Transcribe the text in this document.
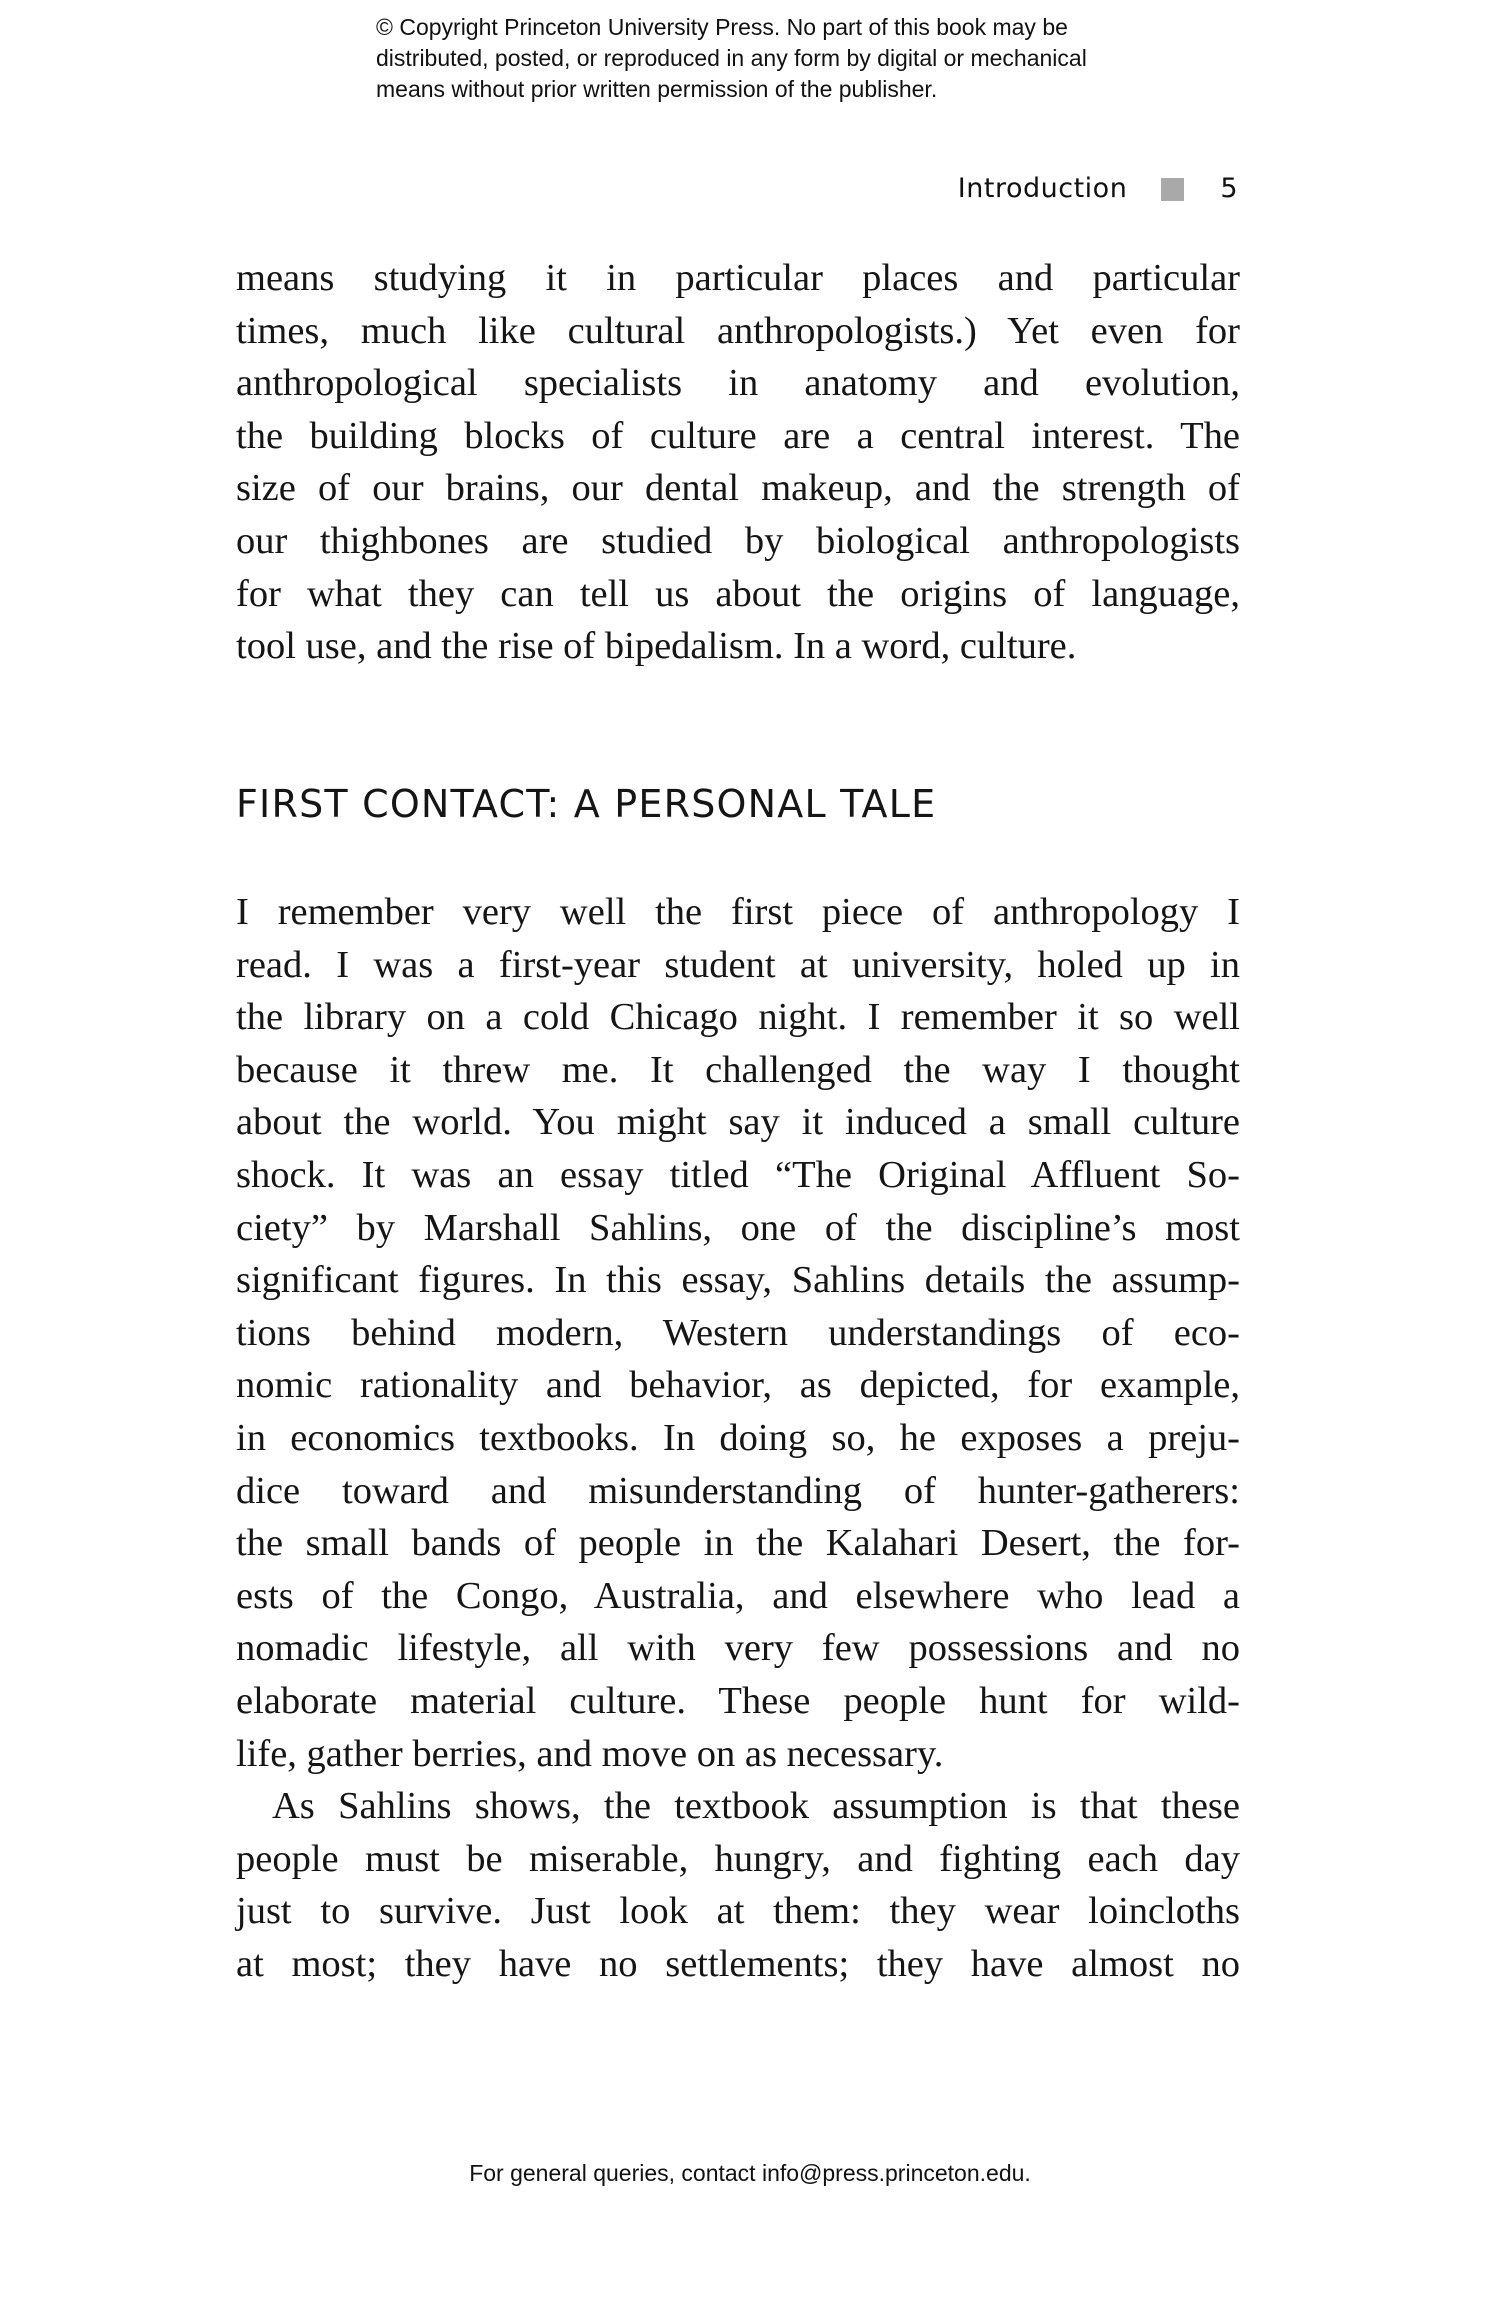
© Copyright Princeton University Press. No part of this book may be
distributed, posted, or reproduced in any form by digital or mechanical
means without prior written permission of the publisher.
Introduction	5
means studying it in particular places and particular
times, much like cultural anthropologists.) Yet even for
anthropological specialists in anatomy and evolution,
the building blocks of culture are a central interest. The
size of our brains, our dental makeup, and the strength of
our thighbones are studied by biological anthropologists
for what they can tell us about the origins of language,
tool use, and the rise of bipedalism. In a word, culture.
FIRST CONTACT: A PERSONAL TALE
I remember very well the first piece of anthropology I
read. I was a first-year student at university, holed up in
the library on a cold Chicago night. I remember it so well
because it threw me. It challenged the way I thought
about the world. You might say it induced a small culture
shock. It was an essay titled “The Original Affluent So-
ciety” by Marshall Sahlins, one of the discipline’s most
significant figures. In this essay, Sahlins details the assump-
tions behind modern, Western understandings of eco-
nomic rationality and behavior, as depicted, for example,
in economics textbooks. In doing so, he exposes a preju-
dice toward and misunderstanding of hunter-gatherers:
the small bands of people in the Kalahari Desert, the for-
ests of the Congo, Australia, and elsewhere who lead a
nomadic lifestyle, all with very few possessions and no
elaborate material culture. These people hunt for wild-
life, gather berries, and move on as necessary.
As Sahlins shows, the textbook assumption is that these
people must be miserable, hungry, and fighting each day
just to survive. Just look at them: they wear loincloths
at most; they have no settlements; they have almost no
For general queries, contact info@press.princeton.edu.
